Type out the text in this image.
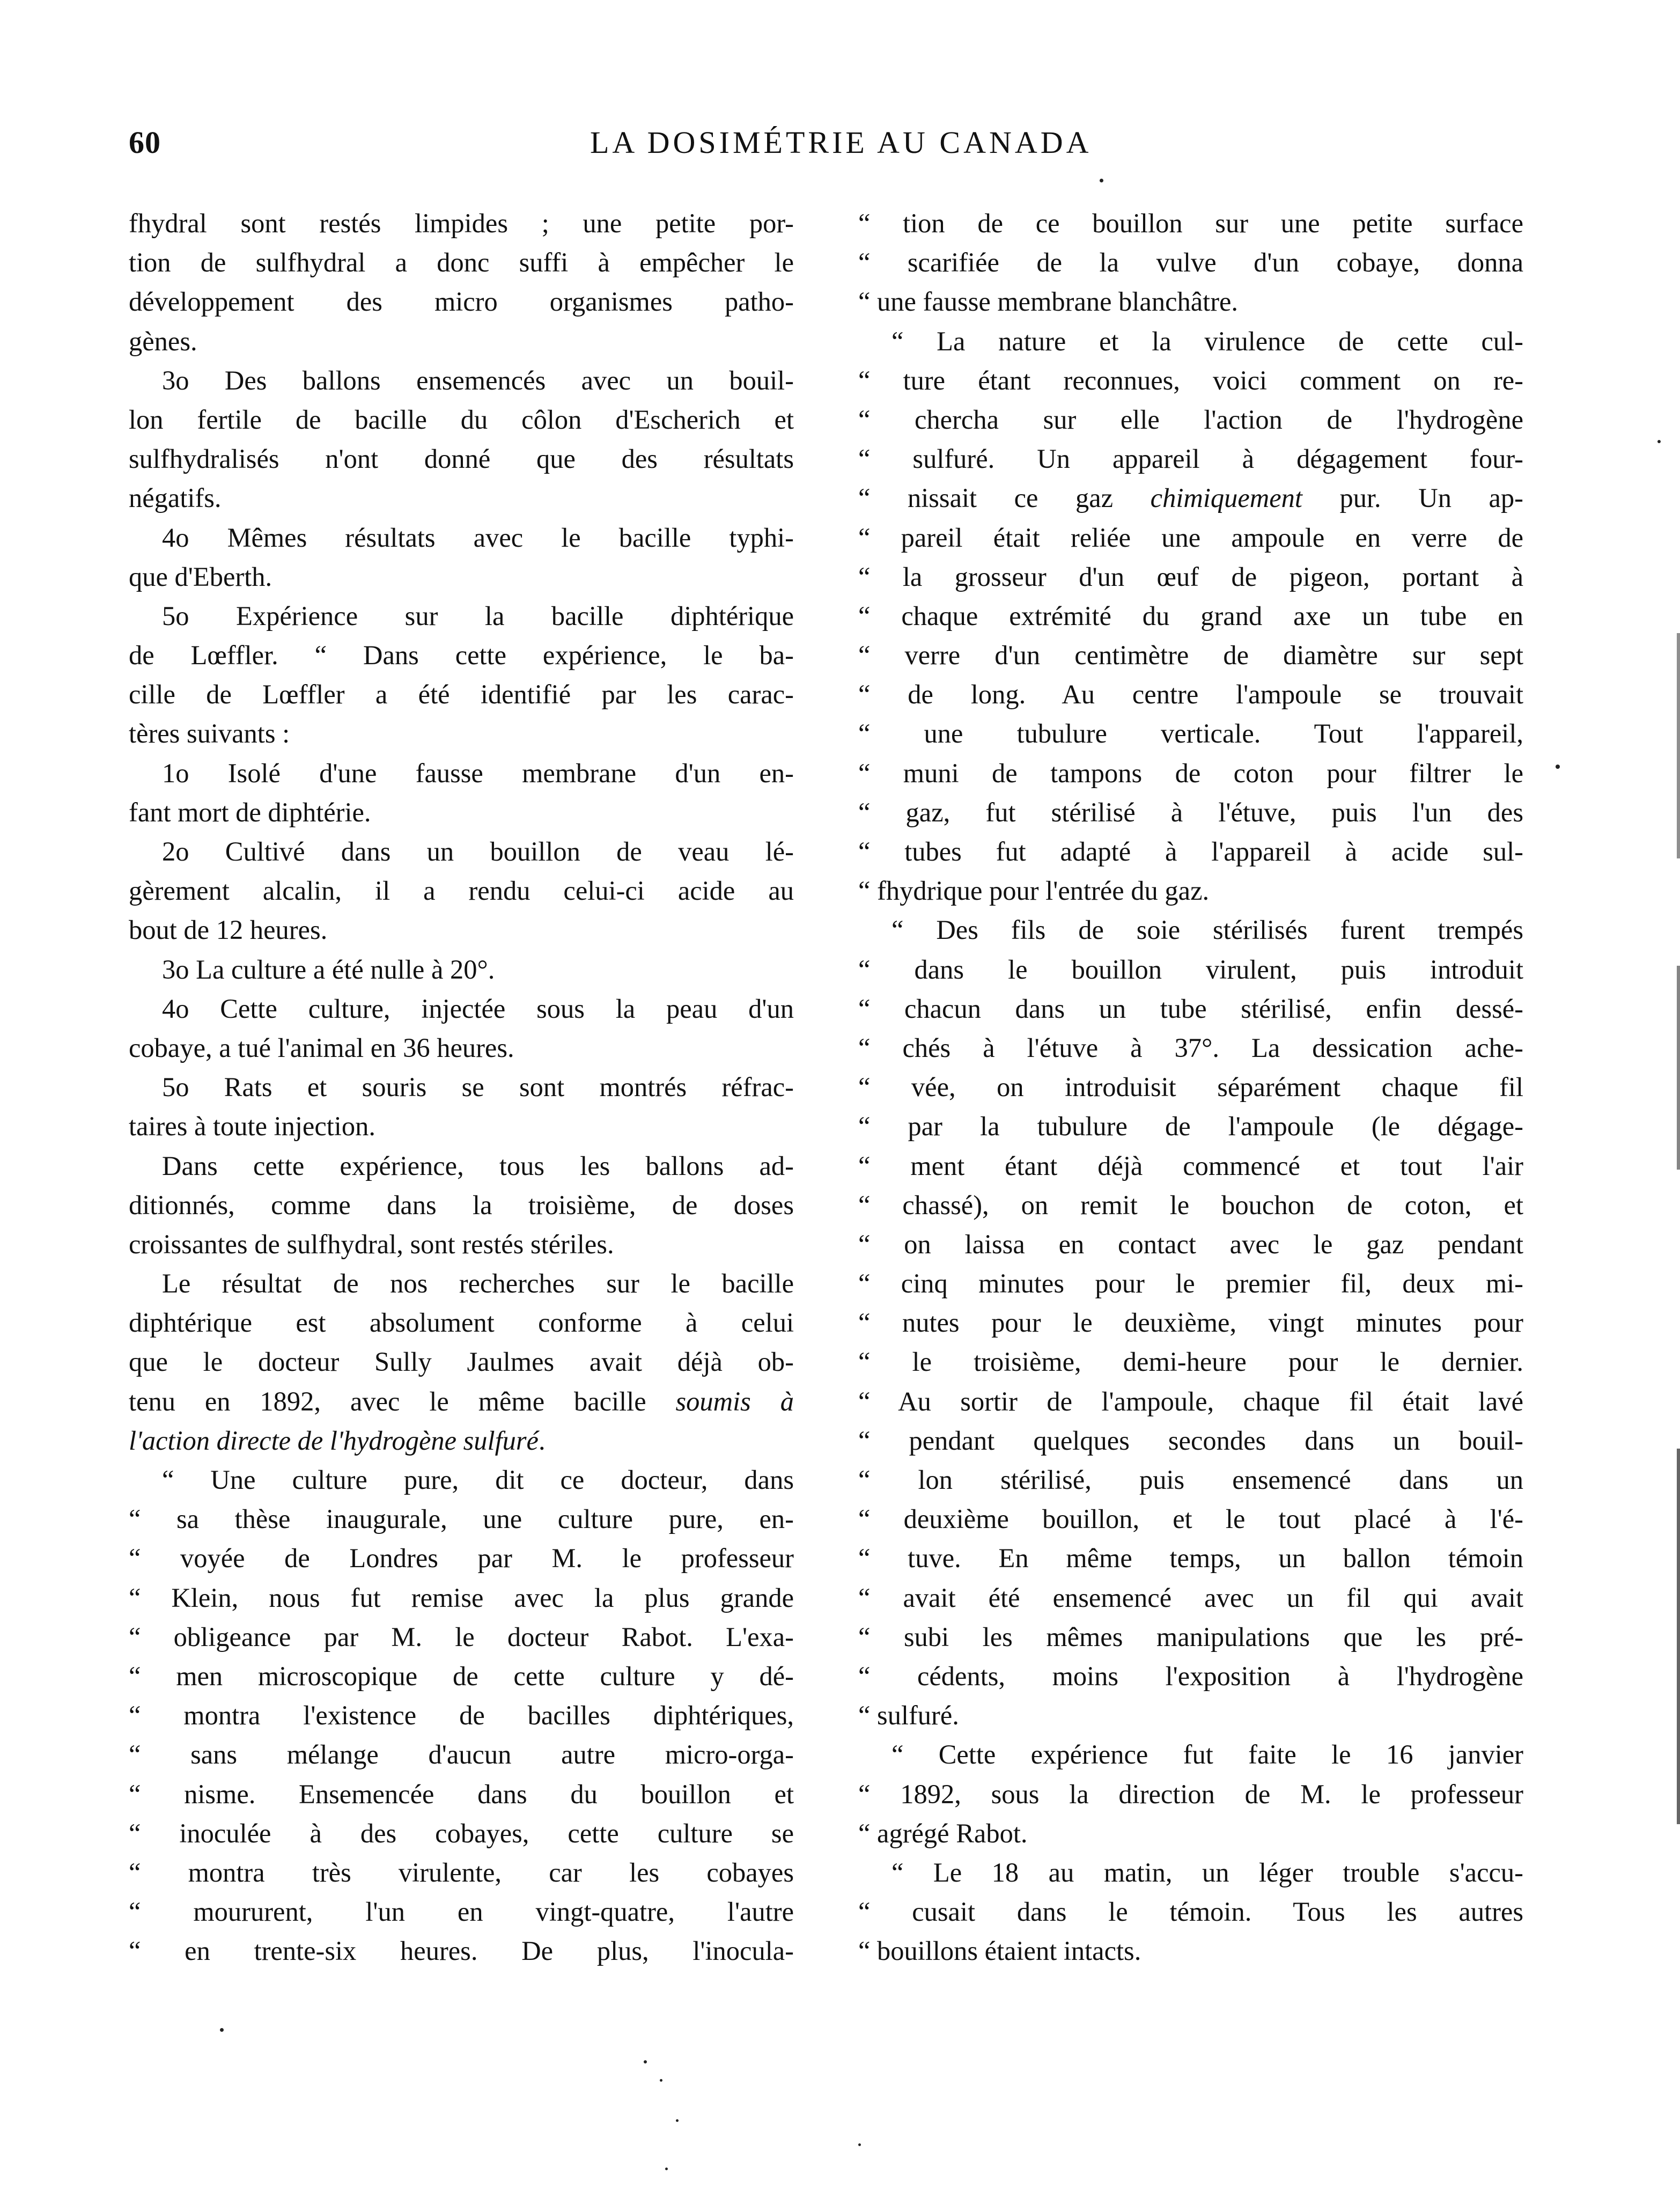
60	LA DOSIMÉTRIE AU CANADA
fhydral sont restés limpides ; une petite por-
tion de sulfhydral a donc suffi à empêcher le
développement des micro organismes patho-
gènes.
3o Des ballons ensemencés avec un bouil-
lon fertile de bacille du côlon d'Escherich et
sulfhydralisés n'ont donné que des résultats
négatifs.
4o Mêmes résultats avec le bacille typhi-
que d'Eberth.
5o Expérience sur la bacille diphtérique
de Lœffler. “ Dans cette expérience, le ba-
cille de Lœffler a été identifié par les carac-
tères suivants :
1o Isolé d'une fausse membrane d'un en-
fant mort de diphtérie.
2o Cultivé dans un bouillon de veau lé-
gèrement alcalin, il a rendu celui-ci acide au
bout de 12 heures.
3o La culture a été nulle à 20°.
4o Cette culture, injectée sous la peau d'un
cobaye, a tué l'animal en 36 heures.
5o Rats et souris se sont montrés réfrac-
taires à toute injection.
Dans cette expérience, tous les ballons ad-
ditionnés, comme dans la troisième, de doses
croissantes de sulfhydral, sont restés stériles.
Le résultat de nos recherches sur le bacille
diphtérique est absolument conforme à celui
que le docteur Sully Jaulmes avait déjà ob-
tenu en 1892, avec le même bacille soumis à
l'action directe de l'hydrogène sulfuré.
“ Une culture pure, dit ce docteur, dans
“ sa thèse inaugurale, une culture pure, en-
“ voyée de Londres par M. le professeur
“ Klein, nous fut remise avec la plus grande
“ obligeance par M. le docteur Rabot. L'exa-
“ men microscopique de cette culture y dé-
“ montra l'existence de bacilles diphtériques,
“ sans mélange d'aucun autre micro-orga-
“ nisme. Ensemencée dans du bouillon et
“ inoculée à des cobayes, cette culture se
“ montra très virulente, car les cobayes
“ moururent, l'un en vingt-quatre, l'autre
“ en trente-six heures. De plus, l'inocula-
“ tion de ce bouillon sur une petite surface
“ scarifiée de la vulve d'un cobaye, donna
“ une fausse membrane blanchâtre.
“ La nature et la virulence de cette cul-
“ ture étant reconnues, voici comment on re-
“ chercha sur elle l'action de l'hydrogène
“ sulfuré. Un appareil à dégagement four-
“ nissait ce gaz chimiquement pur. Un ap-
“ pareil était reliée une ampoule en verre de
“ la grosseur d'un œuf de pigeon, portant à
“ chaque extrémité du grand axe un tube en
“ verre d'un centimètre de diamètre sur sept
“ de long. Au centre l'ampoule se trouvait
“ une tubulure verticale. Tout l'appareil,
“ muni de tampons de coton pour filtrer le
“ gaz, fut stérilisé à l'étuve, puis l'un des
“ tubes fut adapté à l'appareil à acide sul-
“ fhydrique pour l'entrée du gaz.
“ Des fils de soie stérilisés furent trempés
“ dans le bouillon virulent, puis introduit
“ chacun dans un tube stérilisé, enfin dessé-
“ chés à l'étuve à 37°. La dessication ache-
“ vée, on introduisit séparément chaque fil
“ par la tubulure de l'ampoule (le dégage-
“ ment étant déjà commencé et tout l'air
“ chassé), on remit le bouchon de coton, et
“ on laissa en contact avec le gaz pendant
“ cinq minutes pour le premier fil, deux mi-
“ nutes pour le deuxième, vingt minutes pour
“ le troisième, demi-heure pour le dernier.
“ Au sortir de l'ampoule, chaque fil était lavé
“ pendant quelques secondes dans un bouil-
“ lon stérilisé, puis ensemencé dans un
“ deuxième bouillon, et le tout placé à l'é-
“ tuve. En même temps, un ballon témoin
“ avait été ensemencé avec un fil qui avait
“ subi les mêmes manipulations que les pré-
“ cédents, moins l'exposition à l'hydrogène
“ sulfuré.
“ Cette expérience fut faite le 16 janvier
“ 1892, sous la direction de M. le professeur
“ agrégé Rabot.
“ Le 18 au matin, un léger trouble s'accu-
“ cusait dans le témoin. Tous les autres
“ bouillons étaient intacts.
